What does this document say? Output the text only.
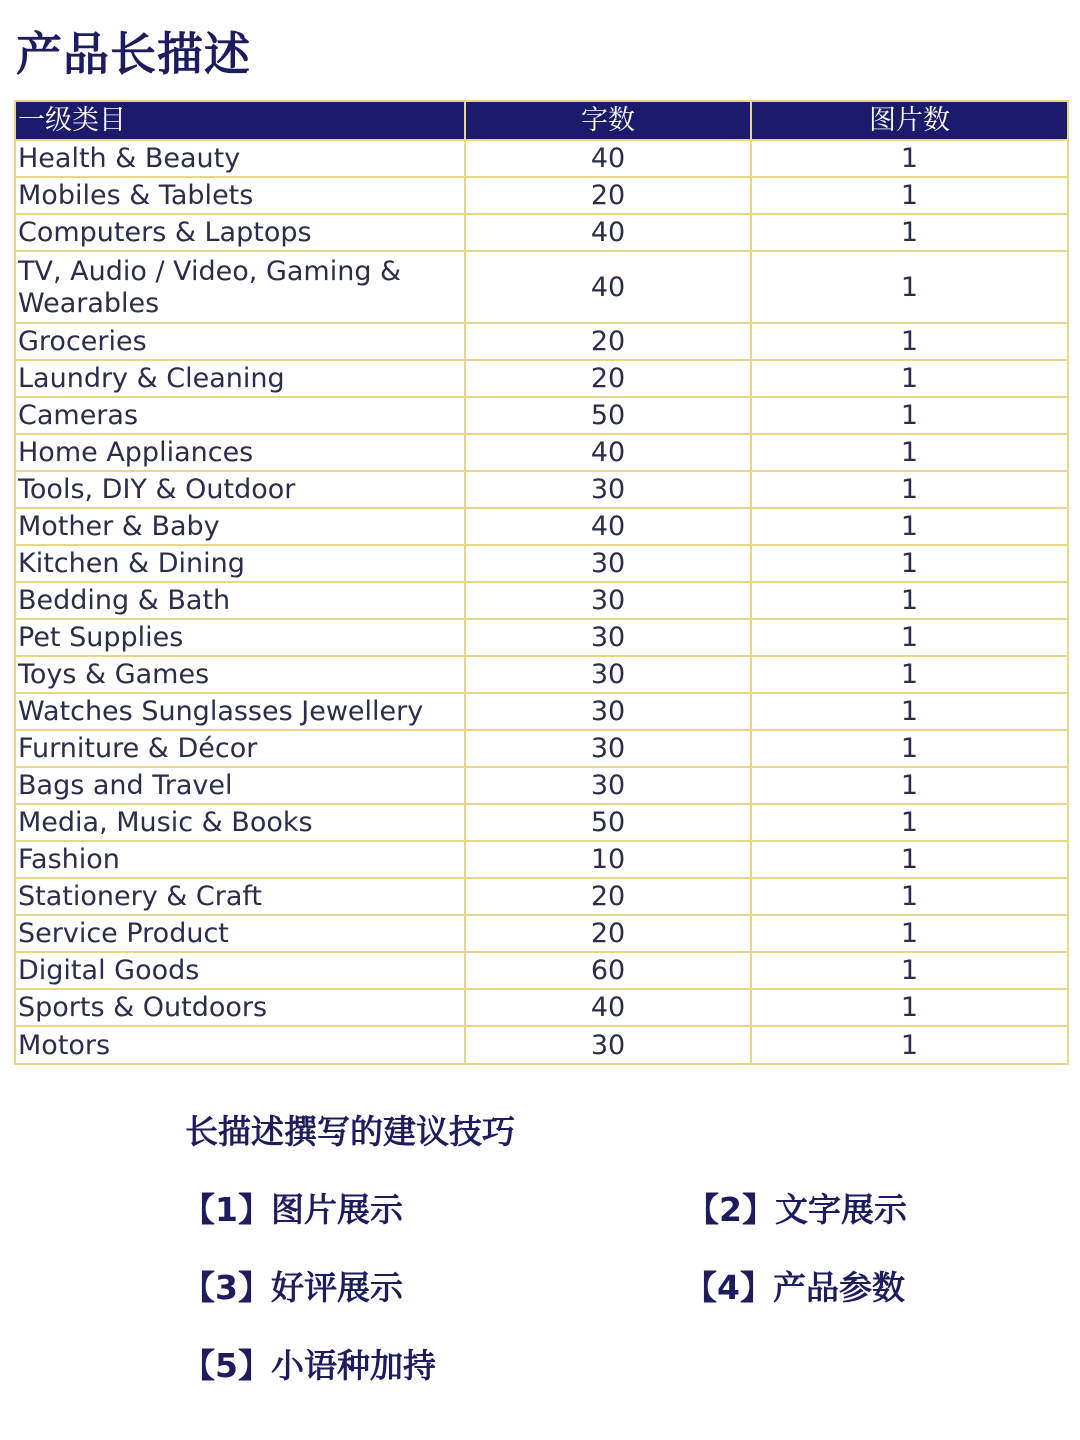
产品长描述
一级类目	字数	图片数
Health & Beauty	40	1
Mobiles & Tablets	20	1
Computers & Laptops	40	1
TV, Audio / Video, Gaming & Wearables	40	1
Groceries	20	1
Laundry & Cleaning	20	1
Cameras	50	1
Home Appliances	40	1
Tools, DIY & Outdoor	30	1
Mother & Baby	40	1
Kitchen & Dining	30	1
Bedding & Bath	30	1
Pet Supplies	30	1
Toys & Games	30	1
Watches Sunglasses Jewellery	30	1
Furniture & Décor	30	1
Bags and Travel	30	1
Media, Music & Books	50	1
Fashion	10	1
Stationery & Craft	20	1
Service Product	20	1
Digital Goods	60	1
Sports & Outdoors	40	1
Motors	30	1
长描述撰写的建议技巧
【1】图片展示	【2】文字展示
【3】好评展示	【4】产品参数
【5】小语种加持
